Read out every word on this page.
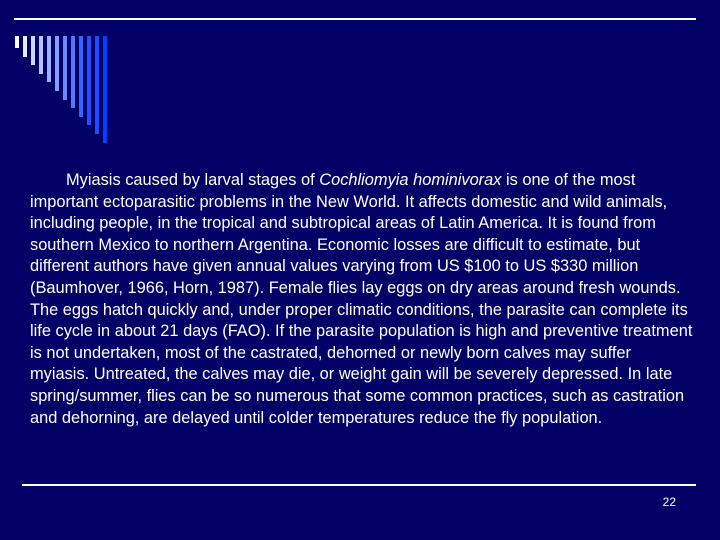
Myiasis caused by larval stages of Cochliomyia hominivorax is one of the most important ectoparasitic problems in the New World. It affects domestic and wild animals, including people, in the tropical and subtropical areas of Latin America. It is found from southern Mexico to northern Argentina. Economic losses are difficult to estimate, but different authors have given annual values varying from US $100 to US $330 million (Baumhover, 1966, Horn, 1987). Female flies lay eggs on dry areas around fresh wounds. The eggs hatch quickly and, under proper climatic conditions, the parasite can complete its life cycle in about 21 days (FAO). If the parasite population is high and preventive treatment is not undertaken, most of the castrated, dehorned or newly born calves may suffer myiasis. Untreated, the calves may die, or weight gain will be severely depressed. In late spring/summer, flies can be so numerous that some common practices, such as castration and dehorning, are delayed until colder temperatures reduce the fly population.

22
